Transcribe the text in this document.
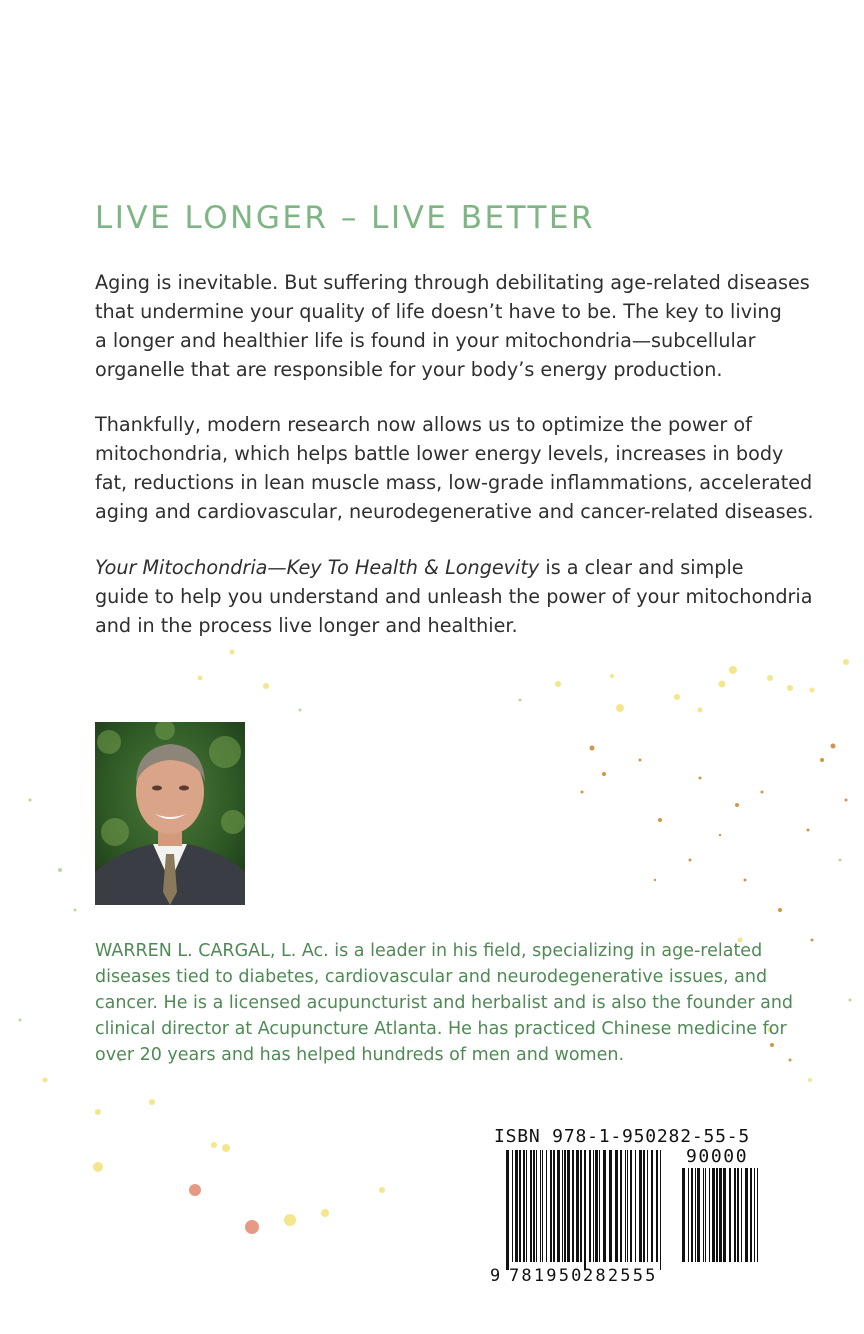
LIVE LONGER – LIVE BETTER

Aging is inevitable. But suffering through debilitating age-related diseases
that undermine your quality of life doesn’t have to be. The key to living
a longer and healthier life is found in your mitochondria—subcellular
organelle that are responsible for your body’s energy production.

Thankfully, modern research now allows us to optimize the power of
mitochondria, which helps battle lower energy levels, increases in body
fat, reductions in lean muscle mass, low-grade inflammations, accelerated
aging and cardiovascular, neurodegenerative and cancer-related diseases.

Your Mitochondria—Key To Health & Longevity is a clear and simple
guide to help you understand and unleash the power of your mitochondria
and in the process live longer and healthier.

WARREN L. CARGAL, L. Ac. is a leader in his field, specializing in age-related
diseases tied to diabetes, cardiovascular and neurodegenerative issues, and
cancer. He is a licensed acupuncturist and herbalist and is also the founder and
clinical director at Acupuncture Atlanta. He has practiced Chinese medicine for
over 20 years and has helped hundreds of men and women.

ISBN 978-1-950282-55-5
90000
9 781950 282555
